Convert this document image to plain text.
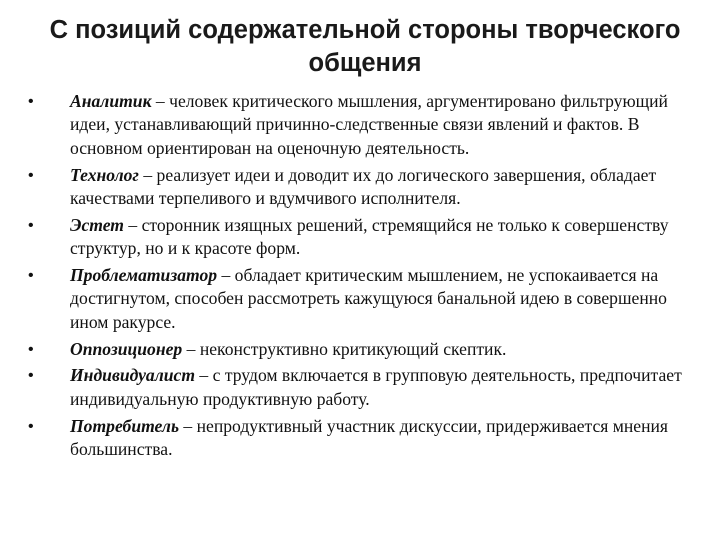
С позиций содержательной стороны творческого общения
•	Аналитик – человек критического мышления, аргументировано фильтрующий идеи, устанавливающий причинно-следственные связи явлений и фактов. В основном ориентирован на оценочную деятельность.
•	Технолог – реализует идеи и доводит их до логического завершения, обладает качествами терпеливого и вдумчивого исполнителя.
•	Эстет – сторонник изящных решений, стремящийся не только к совершенству структур, но и к красоте форм.
•	Проблематизатор – обладает критическим мышлением, не успокаивается на достигнутом, способен рассмотреть кажущуюся банальной идею в совершенно ином ракурсе.
•	Оппозиционер – неконструктивно критикующий скептик.
•	Индивидуалист – с трудом включается в групповую деятельность, предпочитает индивидуальную продуктивную работу.
•	Потребитель – непродуктивный участник дискуссии, придерживается мнения большинства.
